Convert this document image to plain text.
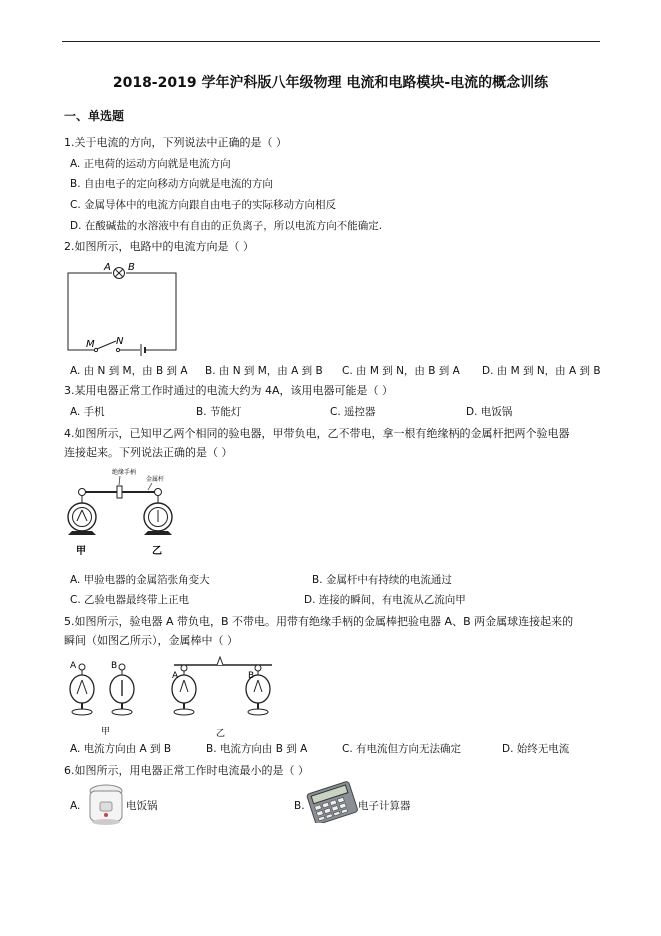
2018-2019 学年沪科版八年级物理 电流和电路模块-电流的概念训练
一、单选题
1.关于电流的方向，下列说法中正确的是（ ）
A. 正电荷的运动方向就是电流方向
B. 自由电子的定向移动方向就是电流的方向
C. 金属导体中的电流方向跟自由电子的实际移动方向相反
D. 在酸碱盐的水溶液中有自由的正负离子，所以电流方向不能确定.
2.如图所示，电路中的电流方向是（ ）
A B
M N
A. 由 N 到 M，由 B 到 A B. 由 N 到 M，由 A 到 B C. 由 M 到 N，由 B 到 A D. 由 M 到 N，由 A 到 B
3.某用电器正常工作时通过的电流大约为 4A，该用电器可能是（ ）
A. 手机	B. 节能灯	C. 遥控器	D. 电饭锅
4.如图所示，已知甲乙两个相同的验电器，甲带负电，乙不带电，拿一根有绝缘柄的金属杆把两个验电器
连接起来。下列说法正确的是（ ）
绝缘手柄
金属杆
甲	乙
A. 甲验电器的金属箔张角变大	B. 金属杆中有持续的电流通过
C. 乙验电器最终带上正电	D. 连接的瞬间，有电流从乙流向甲
5.如图所示，验电器 A 带负电，B 不带电。用带有绝缘手柄的金属棒把验电器 A、B 两金属球连接起来的
瞬间（如图乙所示），金属棒中（ ）
A	B
甲
A	B
乙
A. 电流方向由 A 到 B	B. 电流方向由 B 到 A	C. 有电流但方向无法确定	D. 始终无电流
6.如图所示，用电器正常工作时电流最小的是（ ）
A.	电饭锅	B.	电子计算器
